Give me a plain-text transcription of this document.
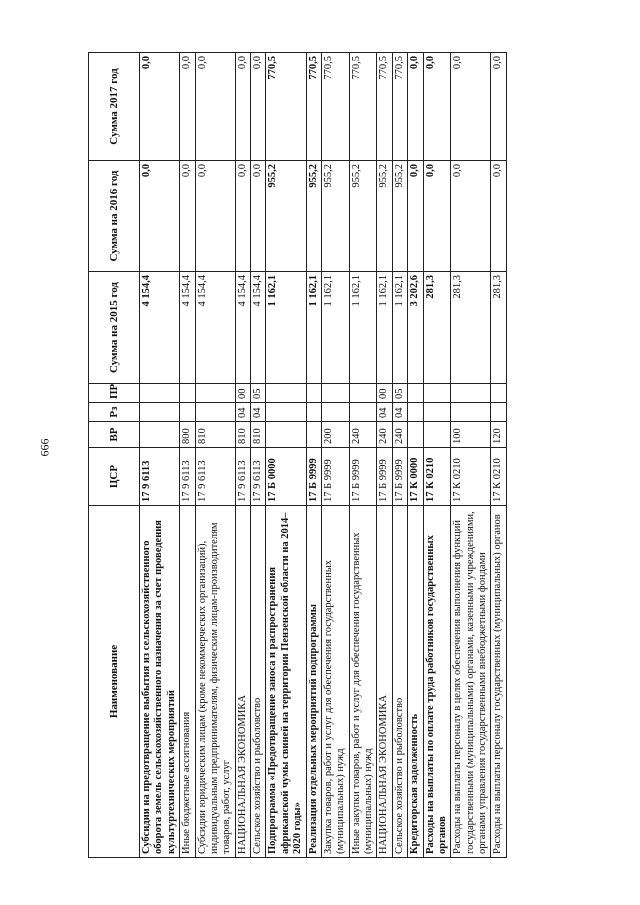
666
Наименование	ЦСР	ВР	Рз	ПР	Сумма на 2015 год	Сумма на 2016 год	Сумма 2017 год
Субсидии на предотвращение выбытия из сельскохозяйственного оборота земель сельскохозяйственного назначения за счет проведения культуртехнических мероприятий	17 9 6113				4 154,4	0,0	0,0
Иные бюджетные ассигнования	17 9 6113	800			4 154,4	0,0	0,0
Субсидии юридическим лицам (кроме некоммерческих организаций), индивидуальным предпринимателям, физическим лицам-производителям товаров, работ, услуг	17 9 6113	810			4 154,4	0,0	0,0
НАЦИОНАЛЬНАЯ ЭКОНОМИКА	17 9 6113	810	04	00	4 154,4	0,0	0,0
Сельское хозяйство и рыболовство	17 9 6113	810	04	05	4 154,4	0,0	0,0
Подпрограмма «Предотвращение заноса и распространения африканской чумы свиней на территории Пензенской области на 2014–2020 годы»	17 Б 0000				1 162,1	955,2	770,5
Реализация отдельных мероприятий подпрограммы	17 Б 9999				1 162,1	955,2	770,5
Закупка товаров, работ и услуг для обеспечения государственных (муниципальных) нужд	17 Б 9999	200			1 162,1	955,2	770,5
Иные закупки товаров, работ и услуг для обеспечения государственных (муниципальных) нужд	17 Б 9999	240			1 162,1	955,2	770,5
НАЦИОНАЛЬНАЯ ЭКОНОМИКА	17 Б 9999	240	04	00	1 162,1	955,2	770,5
Сельское хозяйство и рыболовство	17 Б 9999	240	04	05	1 162,1	955,2	770,5
Кредиторская задолженность	17 К 0000				3 202,6	0,0	0,0
Расходы на выплаты по оплате труда работников государственных органов	17 К 0210				281,3	0,0	0,0
Расходы на выплаты персоналу в целях обеспечения выполнения функций государственными (муниципальными) органами, казенными учреждениями, органами управления государственными внебюджетными фондами	17 К 0210	100			281,3	0,0	0,0
Расходы на выплаты персоналу государственных (муниципальных) органов	17 К 0210	120			281,3	0,0	0,0
